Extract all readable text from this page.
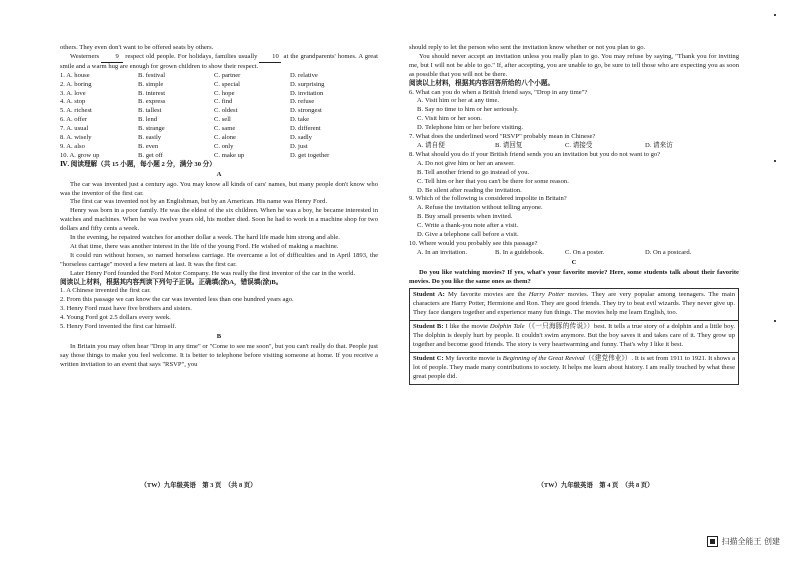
others. They even don't want to be offered seats by others.

Westerners 9 respect old people. For holidays, families usually 10 at the grandparents' homes. A great smile and a warm hug are enough for grown children to show their respect.

1. A. house	B. festival	C. partner	D. relative
2. A. boring	B. simple	C. special	D. surprising
3. A. love	B. interest	C. hope	D. invitation
4. A. stop	B. express	C. find	D. refuse
5. A. richest	B. tallest	C. oldest	D. strongest
6. A. offer	B. lend	C. sell	D. take
7. A. usual	B. strange	C. same	D. different
8. A. wisely	B. easily	C. alone	D. sadly
9. A. also	B. even	C. only	D. just
10. A. grow up	B. get off	C. make up	D. get together

Ⅳ. 阅读理解（共 15 小题，每小题 2 分，满分 30 分）

A

The car was invented just a century ago. You may know all kinds of cars' names, but many people don't know who was the inventor of the first car.

The first car was invented not by an Englishman, but by an American. His name was Henry Ford.

Henry was born in a poor family. He was the eldest of the six children. When he was a boy, he became interested in watches and machines. When he was twelve years old, his mother died. Soon he had to work in a machine shop for two dollars and fifty cents a week.

In the evening, he repaired watches for another dollar a week. The hard life made him strong and able.

At that time, there was another interest in the life of the young Ford. He wished of making a machine.

It could run without horses, so named horseless carriage. He overcame a lot of difficulties and in April 1893, the "horseless carriage" moved a few meters at last. It was the first car.

Later Henry Ford founded the Ford Motor Company. He was really the first inventor of the car in the world.

阅读以上材料，根据其内容判读下列句子正误。正确填(涂)A，错误填(涂)B。

1. A Chinese invented the first car.

2. From this passage we can know the car was invented less than one hundred years ago.

3. Henry Ford must have five brothers and sisters.

4. Young Ford got 2.5 dollars every week.

5. Henry Ford invented the first car himself.

B

In Britain you may often hear "Drop in any time" or "Come to see me soon", but you can't really do that. People just say those things to make you feel welcome. It is better to telephone before visiting someone at home. If you receive a written invitation to an event that says "RSVP", you

（TW）九年级英语　第 3 页　（共 8 页）

should reply to let the person who sent the invitation know whether or not you plan to go.

You should never accept an invitation unless you really plan to go. You may refuse by saying, "Thank you for inviting me, but I will not be able to go." If, after accepting, you are unable to go, be sure to tell those who are expecting you as soon as possible that you will not be there.

阅读以上材料，根据其内容回答所给的八个小题。

6. What can you do when a British friend says, "Drop in any time"?

A. Visit him or her at any time.

B. Say no time to him or her seriously.

C. Visit him or her soon.

D. Telephone him or her before visiting.

7. What does the underlined word "RSVP" probably mean in Chinese?

A. 请自便	B. 请回复	C. 请接受	D. 请来访

8. What should you do if your British friend sends you an invitation but you do not want to go?

A. Do not give him or her an answer.

B. Tell another friend to go instead of you.

C. Tell him or her that you can't be there for some reason.

D. Be silent after reading the invitation.

9. Which of the following is considered impolite in Britain?

A. Refuse the invitation without telling anyone.

B. Buy small presents when invited.

C. Write a thank-you note after a visit.

D. Give a telephone call before a visit.

10. Where would you probably see this passage?

A. In an invitation.	B. In a guidebook.	C. On a poster.	D. On a postcard.

C

Do you like watching movies? If yes, what's your favorite movie? Here, some students talk about their favorite movies. Do you like the same ones as them?

Student A: My favorite movies are the Harry Potter movies. They are very popular among teenagers. The main characters are Harry Potter, Hermione and Ron. They are good friends. They try to beat evil wizards. They never give up. They face dangers together and experience many fun things. The movies help me learn English, too.
Student B: I like the movie Dolphin Tale（《一只海豚的传说》）best. It tells a true story of a dolphin and a little boy. The dolphin is deeply hurt by people. It couldn't swim anymore. But the boy saves it and takes care of it. They grow up together and become good friends. The story is very heartwarming and funny. That's why I like it best.
Student C: My favorite movie is Beginning of the Great Revival（《建党伟业》）. It is set from 1911 to 1921. It shows a lot of people. They made many contributions to society. It helps me learn about history. I am really touched by what these great people did.
（TW）九年级英语　第 4 页　（共 8 页）
扫描全能王 创建
